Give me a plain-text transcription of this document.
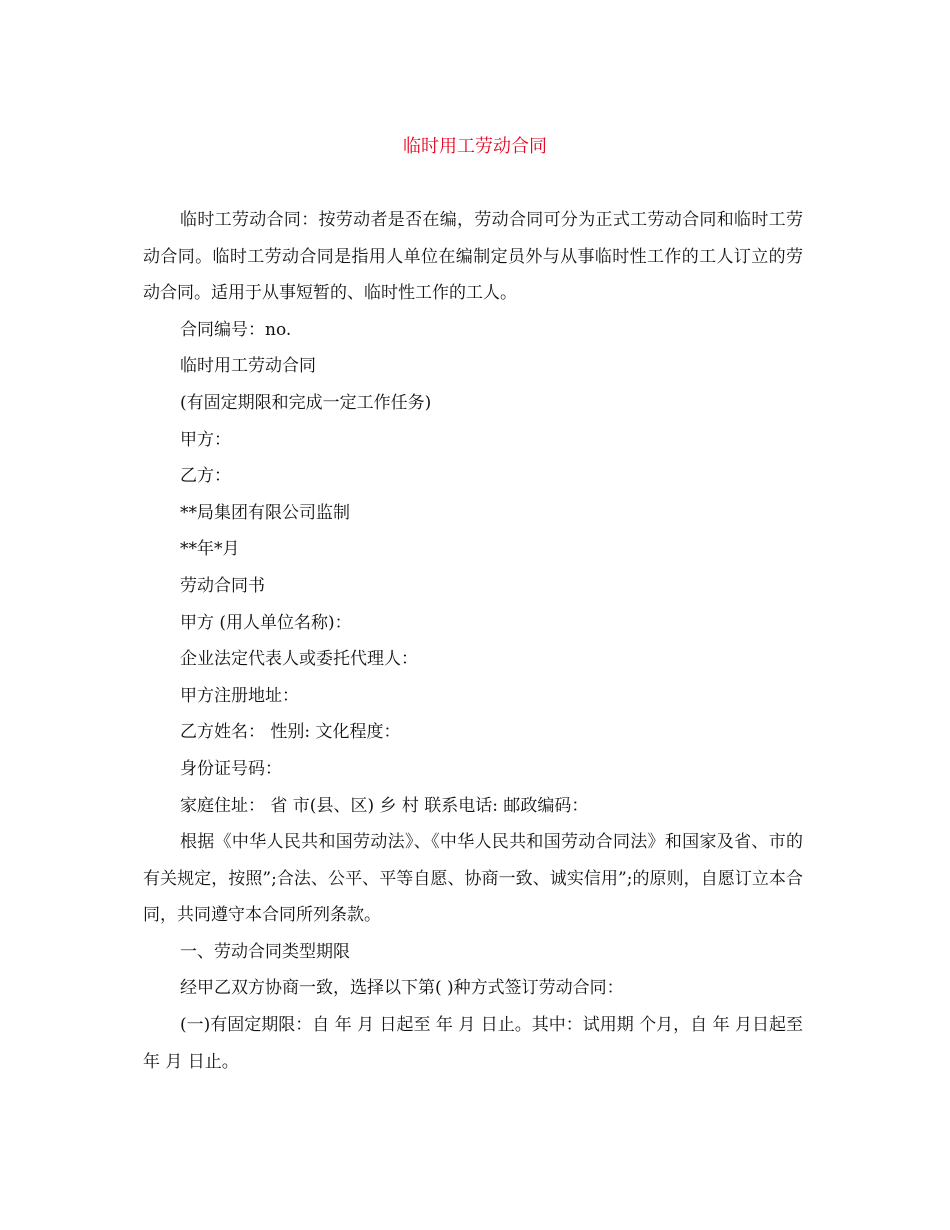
临时用工劳动合同

临时工劳动合同：按劳动者是否在编，劳动合同可分为正式工劳动合同和临时工劳动合同。临时工劳动合同是指用人单位在编制定员外与从事临时性工作的工人订立的劳动合同。适用于从事短暂的、临时性工作的工人。

合同编号：no.

临时用工劳动合同

(有固定期限和完成一定工作任务)

甲方：

乙方：

**局集团有限公司监制

**年*月

劳动合同书

甲方 (用人单位名称)：

企业法定代表人或委托代理人：

甲方注册地址：

乙方姓名： 性别: 文化程度：

身份证号码：

家庭住址： 省 市(县、区) 乡 村 联系电话: 邮政编码：

根据《中华人民共和国劳动法》、《中华人民共和国劳动合同法》和国家及省、市的有关规定，按照”;合法、公平、平等自愿、协商一致、诚实信用”;的原则，自愿订立本合同，共同遵守本合同所列条款。

一、劳动合同类型期限

经甲乙双方协商一致，选择以下第( )种方式签订劳动合同：

(一)有固定期限：自 年 月 日起至 年 月 日止。其中：试用期 个月，自 年 月日起至 年 月 日止。
